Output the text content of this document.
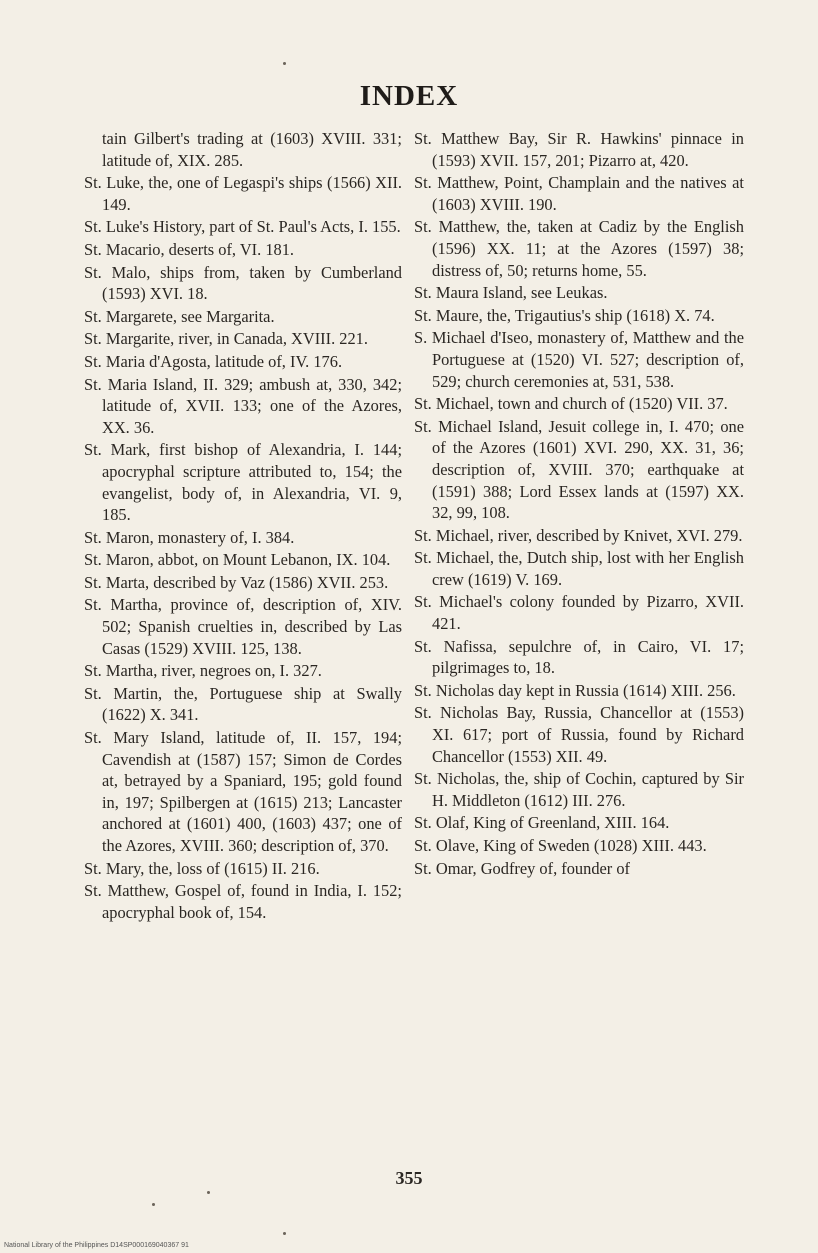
INDEX

tain Gilbert's trading at (1603) XVIII. 331; latitude of, XIX. 285.

St. Luke, the, one of Legaspi's ships (1566) XII. 149.

St. Luke's History, part of St. Paul's Acts, I. 155.

St. Macario, deserts of, VI. 181.

St. Malo, ships from, taken by Cumberland (1593) XVI. 18.

St. Margarete, see Margarita.

St. Margarite, river, in Canada, XVIII. 221.

St. Maria d'Agosta, latitude of, IV. 176.

St. Maria Island, II. 329; ambush at, 330, 342; latitude of, XVII. 133; one of the Azores, XX. 36.

St. Mark, first bishop of Alexandria, I. 144; apocryphal scripture attributed to, 154; the evangelist, body of, in Alexandria, VI. 9, 185.

St. Maron, monastery of, I. 384.

St. Maron, abbot, on Mount Lebanon, IX. 104.

St. Marta, described by Vaz (1586) XVII. 253.

St. Martha, province of, description of, XIV. 502; Spanish cruelties in, described by Las Casas (1529) XVIII. 125, 138.

St. Martha, river, negroes on, I. 327.

St. Martin, the, Portuguese ship at Swally (1622) X. 341.

St. Mary Island, latitude of, II. 157, 194; Cavendish at (1587) 157; Simon de Cordes at, betrayed by a Spaniard, 195; gold found in, 197; Spilbergen at (1615) 213; Lancaster anchored at (1601) 400, (1603) 437; one of the Azores, XVIII. 360; description of, 370.

St. Mary, the, loss of (1615) II. 216.

St. Matthew, Gospel of, found in India, I. 152; apocryphal book of, 154.

St. Matthew Bay, Sir R. Hawkins' pinnace in (1593) XVII. 157, 201; Pizarro at, 420.

St. Matthew, Point, Champlain and the natives at (1603) XVIII. 190.

St. Matthew, the, taken at Cadiz by the English (1596) XX. 11; at the Azores (1597) 38; distress of, 50; returns home, 55.

St. Maura Island, see Leukas.

St. Maure, the, Trigautius's ship (1618) X. 74.

S. Michael d'Iseo, monastery of, Matthew and the Portuguese at (1520) VI. 527; description of, 529; church ceremonies at, 531, 538.

St. Michael, town and church of (1520) VII. 37.

St. Michael Island, Jesuit college in, I. 470; one of the Azores (1601) XVI. 290, XX. 31, 36; description of, XVIII. 370; earthquake at (1591) 388; Lord Essex lands at (1597) XX. 32, 99, 108.

St. Michael, river, described by Knivet, XVI. 279.

St. Michael, the, Dutch ship, lost with her English crew (1619) V. 169.

St. Michael's colony founded by Pizarro, XVII. 421.

St. Nafissa, sepulchre of, in Cairo, VI. 17; pilgrimages to, 18.

St. Nicholas day kept in Russia (1614) XIII. 256.

St. Nicholas Bay, Russia, Chancellor at (1553) XI. 617; port of Russia, found by Richard Chancellor (1553) XII. 49.

St. Nicholas, the, ship of Cochin, captured by Sir H. Middleton (1612) III. 276.

St. Olaf, King of Greenland, XIII. 164.

St. Olave, King of Sweden (1028) XIII. 443.

St. Omar, Godfrey of, founder of

355
National Library of the Philippines D14SP000169040367 91
